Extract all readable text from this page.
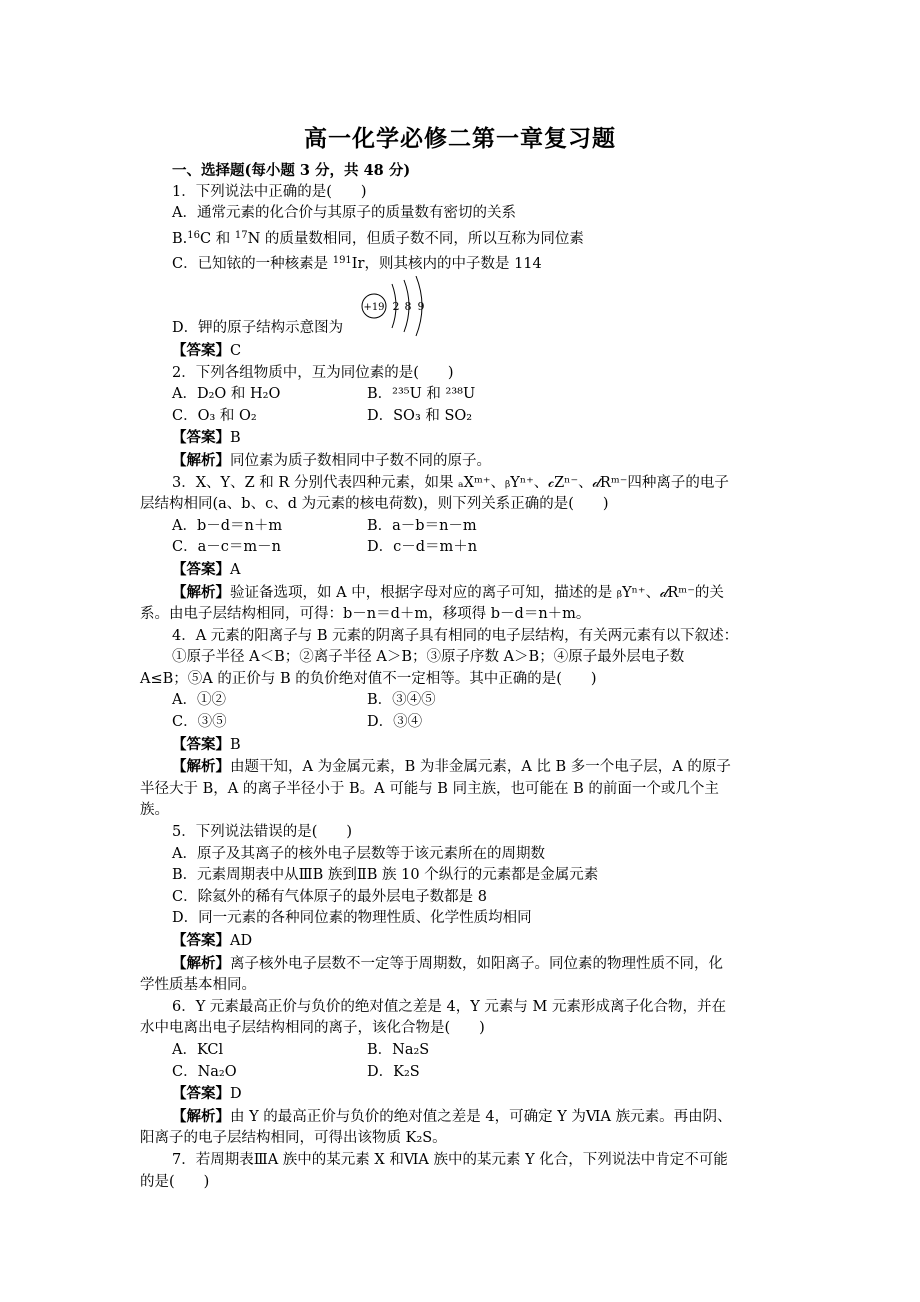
高一化学必修二第一章复习题

一、选择题(每小题 3 分，共 48 分)

1．下列说法中正确的是(　　)

A．通常元素的化合价与其原子的质量数有密切的关系

B.$^{16}$C 和 $^{17}$N 的质量数相同，但质子数不同，所以互称为同位素

C．已知铱的一种核素是 $^{191}$Ir，则其核内的中子数是 114

+19 2 8 9
D．钾的原子结构示意图为

【答案】C

2．下列各组物质中，互为同位素的是(　　)

A．D₂O 和 H₂O	B．²³⁵U 和 ²³⁸U
C．O₃ 和 O₂	D．SO₃ 和 SO₂

【答案】B

【解析】同位素为质子数相同中子数不同的原子。

3．X、Y、Z 和 R 分别代表四种元素，如果 ₐXᵐ⁺、ᵦYⁿ⁺、𝒸Zⁿ⁻、𝒹Rᵐ⁻四种离子的电子

层结构相同(a、b、c、d 为元素的核电荷数)，则下列关系正确的是(　　)

A．b－d＝n＋m	B．a－b＝n－m
C．a－c＝m－n	D．c－d＝m＋n

【答案】A

【解析】验证备选项，如 A 中，根据字母对应的离子可知，描述的是 ᵦYⁿ⁺、𝒹Rᵐ⁻的关

系。由电子层结构相同，可得：b－n＝d＋m，移项得 b－d＝n＋m。

4．A 元素的阳离子与 B 元素的阴离子具有相同的电子层结构，有关两元素有以下叙述：

①原子半径 A＜B；②离子半径 A＞B；③原子序数 A＞B；④原子最外层电子数

A≤B；⑤A 的正价与 B 的负价绝对值不一定相等。其中正确的是(　　)

A．①②	B．③④⑤
C．③⑤	D．③④

【答案】B

【解析】由题干知，A 为金属元素，B 为非金属元素，A 比 B 多一个电子层，A 的原子

半径大于 B，A 的离子半径小于 B。A 可能与 B 同主族，也可能在 B 的前面一个或几个主

族。

5．下列说法错误的是(　　)

A．原子及其离子的核外电子层数等于该元素所在的周期数

B．元素周期表中从ⅢB 族到ⅡB 族 10 个纵行的元素都是金属元素

C．除氦外的稀有气体原子的最外层电子数都是 8

D．同一元素的各种同位素的物理性质、化学性质均相同

【答案】AD

【解析】离子核外电子层数不一定等于周期数，如阳离子。同位素的物理性质不同，化

学性质基本相同。

6．Y 元素最高正价与负价的绝对值之差是 4，Y 元素与 M 元素形成离子化合物，并在

水中电离出电子层结构相同的离子，该化合物是(　　)

A．KCl	B．Na₂S
C．Na₂O	D．K₂S

【答案】D

【解析】由 Y 的最高正价与负价的绝对值之差是 4，可确定 Y 为ⅥA 族元素。再由阴、

阳离子的电子层结构相同，可得出该物质 K₂S。

7．若周期表ⅢA 族中的某元素 X 和ⅥA 族中的某元素 Y 化合，下列说法中肯定不可能

的是(　　)
